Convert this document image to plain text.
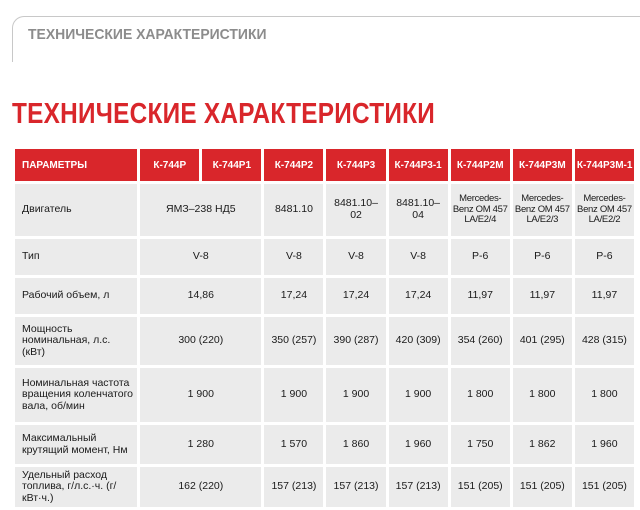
ТЕХНИЧЕСКИЕ ХАРАКТЕРИСТИКИ
ТЕХНИЧЕСКИЕ ХАРАКТЕРИСТИКИ
ПАРАМЕТРЫ	К-744Р	К-744Р1	К-744Р2	К-744Р3	К-744Р3-1	К-744Р2М	К-744Р3М	К-744Р3М-1
Двигатель	ЯМЗ–238 НД5		8481.10	8481.10–02	8481.10–04	Mercedes-Benz OM 457 LA/E2/4	Mercedes-Benz OM 457 LA/E2/3	Mercedes-Benz OM 457 LA/E2/2
Тип	V-8		V-8	V-8	V-8	P-6	P-6	P-6
Рабочий объем, л	14,86		17,24	17,24	17,24	11,97	11,97	11,97
Мощность номинальная, л.с. (кВт)	300 (220)		350 (257)	390 (287)	420 (309)	354 (260)	401 (295)	428 (315)
Номинальная частота вращения коленчатого вала, об/мин	1 900		1 900	1 900	1 900	1 800	1 800	1 800
Максимальный крутящий момент, Нм	1 280		1 570	1 860	1 960	1 750	1 862	1 960
Удельный расход топлива, г/л.с.·ч. (г/кВт·ч.)	162 (220)		157 (213)	157 (213)	157 (213)	151 (205)	151 (205)	151 (205)
